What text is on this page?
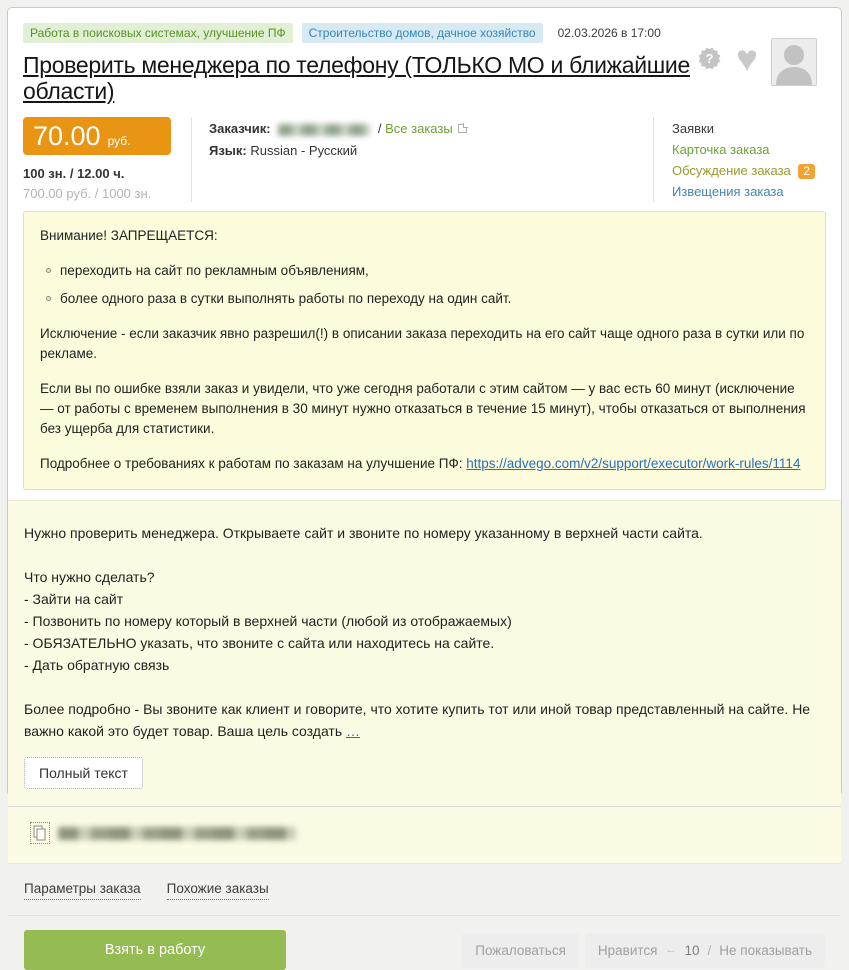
? ♥
Работа в поисковых системах, улучшение ПФ	Строительство домов, дачное хозяйство	02.03.2026 в 17:00
Проверить менеджера по телефону (ТОЛЬКО МО и ближайшие области)
70.00 руб.
100 зн. / 12.00 ч.
700.00 руб. / 1000 зн.
Заказчик:	/ Все заказы
Язык: Russian - Русский
Заявки
Карточка заказа
Обсуждение заказа 2
Извещения заказа
Внимание! ЗАПРЕЩАЕТСЯ:
переходить на сайт по рекламным объявлениям,
более одного раза в сутки выполнять работы по переходу на один сайт.

Исключение - если заказчик явно разрешил(!) в описании заказа переходить на его сайт чаще одного раза в сутки или по рекламе.

Если вы по ошибке взяли заказ и увидели, что уже сегодня работали с этим сайтом — у вас есть 60 минут (исключение — от работы с временем выполнения в 30 минут нужно отказаться в течение 15 минут), чтобы отказаться от выполнения без ущерба для статистики.

Подробнее о требованиях к работам по заказам на улучшение ПФ: https://advego.com/v2/support/executor/work-rules/1114

Нужно проверить менеджера. Открываете сайт и звоните по номеру указанному в верхней части сайта.

Что нужно сделать?

- Зайти на сайт

- Позвонить по номеру который в верхней части (любой из отображаемых)

- ОБЯЗАТЕЛЬНО указать, что звоните с сайта или находитесь на сайте.

- Дать обратную связь

Более подробно - Вы звоните как клиент и говорите, что хотите купить тот или иной товар представленный на сайте. Не важно какой это будет товар. Ваша цель создать …

Полный текст
Параметры заказа Похожие заказы
Взять в работу	Пожаловаться	Нравится ← 10 / Не показывать
